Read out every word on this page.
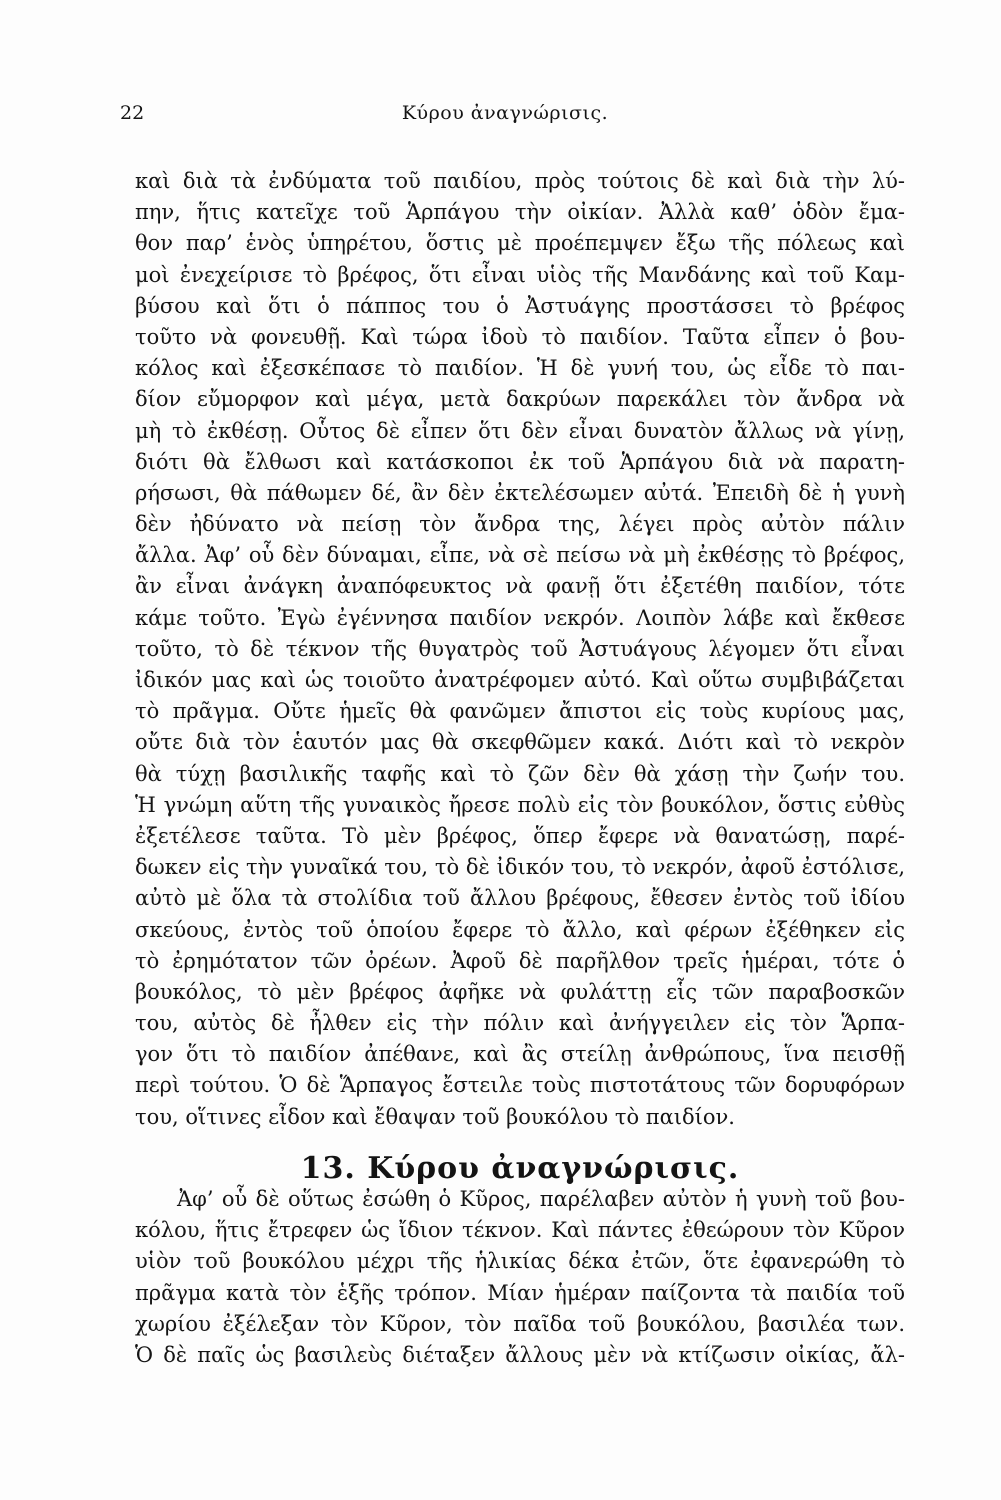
22	Κύρου ἀναγνώρισις.
καὶ διὰ τὰ ἐνδύματα τοῦ παιδίου, πρὸς τούτοις δὲ καὶ διὰ τὴν λύ-
πην, ἥτις κατεῖχε τοῦ Ἁρπάγου τὴν οἰκίαν. Ἀλλὰ καθ’ ὁδὸν ἔμα-
θον παρ’ ἑνὸς ὑπηρέτου, ὅστις μὲ προέπεμψεν ἔξω τῆς πόλεως καὶ
μοὶ ἐνεχείρισε τὸ βρέφος, ὅτι εἶναι υἱὸς τῆς Μανδάνης καὶ τοῦ Καμ-
βύσου καὶ ὅτι ὁ πάππος του ὁ Ἀστυάγης προστάσσει τὸ βρέφος
τοῦτο νὰ φονευθῇ. Καὶ τώρα ἰδοὺ τὸ παιδίον. Ταῦτα εἶπεν ὁ βου-
κόλος καὶ ἐξεσκέπασε τὸ παιδίον. Ἡ δὲ γυνή του, ὡς εἶδε τὸ παι-
δίον εὔμορφον καὶ μέγα, μετὰ δακρύων παρεκάλει τὸν ἄνδρα νὰ
μὴ τὸ ἐκθέσῃ. Οὗτος δὲ εἶπεν ὅτι δὲν εἶναι δυνατὸν ἄλλως νὰ γίνῃ,
διότι θὰ ἔλθωσι καὶ κατάσκοποι ἐκ τοῦ Ἁρπάγου διὰ νὰ παρατη-
ρήσωσι, θὰ πάθωμεν δέ, ἂν δὲν ἐκτελέσωμεν αὐτά. Ἐπειδὴ δὲ ἡ γυνὴ
δὲν ἠδύνατο νὰ πείσῃ τὸν ἄνδρα της, λέγει πρὸς αὐτὸν πάλιν
ἄλλα. Ἀφ’ οὗ δὲν δύναμαι, εἶπε, νὰ σὲ πείσω νὰ μὴ ἐκθέσῃς τὸ βρέφος,
ἂν εἶναι ἀνάγκη ἀναπόφευκτος νὰ φανῇ ὅτι ἐξετέθη παιδίον, τότε
κάμε τοῦτο. Ἐγὼ ἐγέννησα παιδίον νεκρόν. Λοιπὸν λάβε καὶ ἔκθεσε
τοῦτο, τὸ δὲ τέκνον τῆς θυγατρὸς τοῦ Ἀστυάγους λέγομεν ὅτι εἶναι
ἰδικόν μας καὶ ὡς τοιοῦτο ἀνατρέφομεν αὐτό. Καὶ οὕτω συμβιβάζεται
τὸ πρᾶγμα. Οὔτε ἡμεῖς θὰ φανῶμεν ἄπιστοι εἰς τοὺς κυρίους μας,
οὔτε διὰ τὸν ἑαυτόν μας θὰ σκεφθῶμεν κακά. Διότι καὶ τὸ νεκρὸν
θὰ τύχῃ βασιλικῆς ταφῆς καὶ τὸ ζῶν δὲν θὰ χάσῃ τὴν ζωήν του.
Ἡ γνώμη αὕτη τῆς γυναικὸς ἤρεσε πολὺ εἰς τὸν βουκόλον, ὅστις εὐθὺς
ἐξετέλεσε ταῦτα. Τὸ μὲν βρέφος, ὅπερ ἔφερε νὰ θανατώσῃ, παρέ-
δωκεν εἰς τὴν γυναῖκά του, τὸ δὲ ἰδικόν του, τὸ νεκρόν, ἀφοῦ ἐστόλισε,
αὐτὸ μὲ ὅλα τὰ στολίδια τοῦ ἄλλου βρέφους, ἔθεσεν ἐντὸς τοῦ ἰδίου
σκεύους, ἐντὸς τοῦ ὁποίου ἔφερε τὸ ἄλλο, καὶ φέρων ἐξέθηκεν εἰς
τὸ ἐρημότατον τῶν ὀρέων. Ἀφοῦ δὲ παρῆλθον τρεῖς ἡμέραι, τότε ὁ
βουκόλος, τὸ μὲν βρέφος ἀφῆκε νὰ φυλάττῃ εἷς τῶν παραβοσκῶν
του, αὐτὸς δὲ ἦλθεν εἰς τὴν πόλιν καὶ ἀνήγγειλεν εἰς τὸν Ἅρπα-
γον ὅτι τὸ παιδίον ἀπέθανε, καὶ ἂς στείλῃ ἀνθρώπους, ἵνα πεισθῇ
περὶ τούτου. Ὁ δὲ Ἅρπαγος ἔστειλε τοὺς πιστοτάτους τῶν δορυφόρων
του, οἵτινες εἶδον καὶ ἔθαψαν τοῦ βουκόλου τὸ παιδίον.
13. Κύρου ἀναγνώρισις.
Ἀφ’ οὗ δὲ οὕτως ἐσώθη ὁ Κῦρος, παρέλαβεν αὐτὸν ἡ γυνὴ τοῦ βου-
κόλου, ἥτις ἔτρεφεν ὡς ἴδιον τέκνον. Καὶ πάντες ἐθεώρουν τὸν Κῦρον
υἱὸν τοῦ βουκόλου μέχρι τῆς ἡλικίας δέκα ἐτῶν, ὅτε ἐφανερώθη τὸ
πρᾶγμα κατὰ τὸν ἑξῆς τρόπον. Μίαν ἡμέραν παίζοντα τὰ παιδία τοῦ
χωρίου ἐξέλεξαν τὸν Κῦρον, τὸν παῖδα τοῦ βουκόλου, βασιλέα των.
Ὁ δὲ παῖς ὡς βασιλεὺς διέταξεν ἄλλους μὲν νὰ κτίζωσιν οἰκίας, ἄλ-
